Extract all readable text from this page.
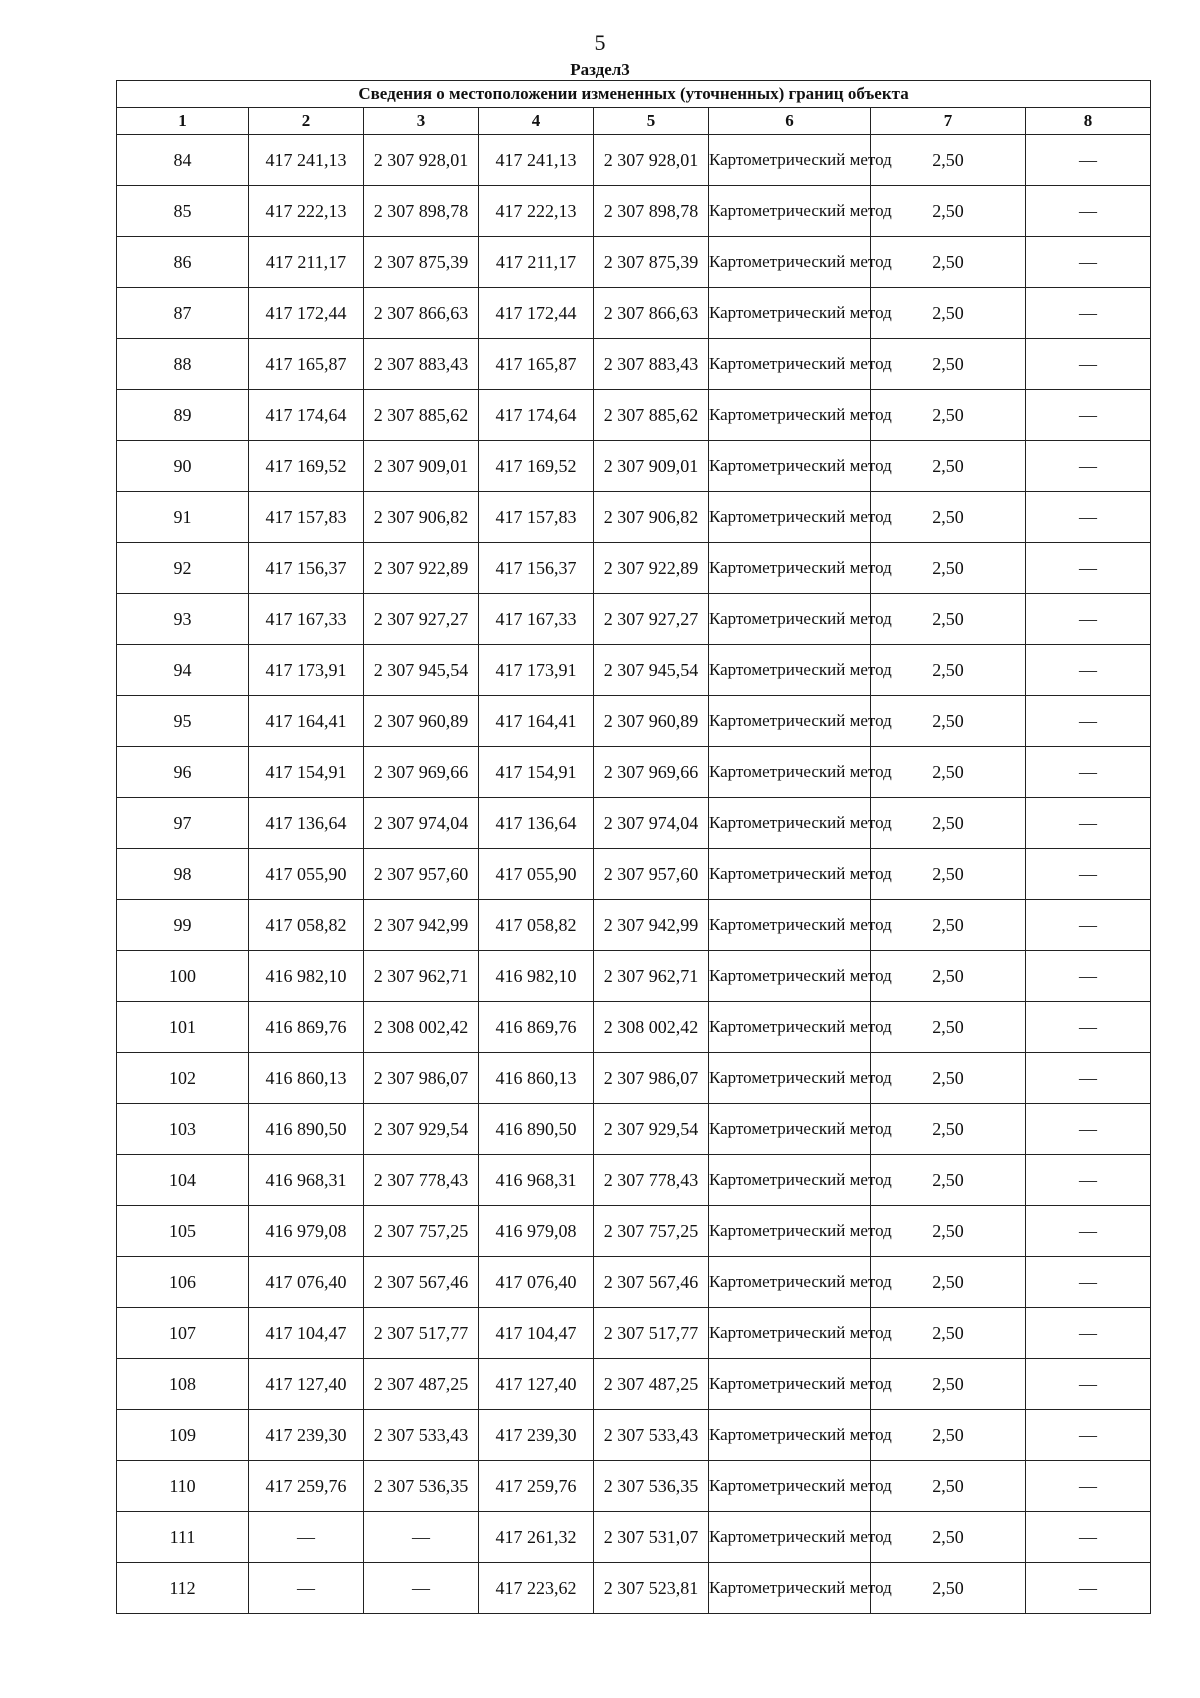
5
Раздел3
Сведения о местоположении измененных (уточненных) границ объекта							
1	2	3	4	5	6	7	8
84	417 241,13	2 307 928,01	417 241,13	2 307 928,01	Картометрический метод	2,50	—
85	417 222,13	2 307 898,78	417 222,13	2 307 898,78	Картометрический метод	2,50	—
86	417 211,17	2 307 875,39	417 211,17	2 307 875,39	Картометрический метод	2,50	—
87	417 172,44	2 307 866,63	417 172,44	2 307 866,63	Картометрический метод	2,50	—
88	417 165,87	2 307 883,43	417 165,87	2 307 883,43	Картометрический метод	2,50	—
89	417 174,64	2 307 885,62	417 174,64	2 307 885,62	Картометрический метод	2,50	—
90	417 169,52	2 307 909,01	417 169,52	2 307 909,01	Картометрический метод	2,50	—
91	417 157,83	2 307 906,82	417 157,83	2 307 906,82	Картометрический метод	2,50	—
92	417 156,37	2 307 922,89	417 156,37	2 307 922,89	Картометрический метод	2,50	—
93	417 167,33	2 307 927,27	417 167,33	2 307 927,27	Картометрический метод	2,50	—
94	417 173,91	2 307 945,54	417 173,91	2 307 945,54	Картометрический метод	2,50	—
95	417 164,41	2 307 960,89	417 164,41	2 307 960,89	Картометрический метод	2,50	—
96	417 154,91	2 307 969,66	417 154,91	2 307 969,66	Картометрический метод	2,50	—
97	417 136,64	2 307 974,04	417 136,64	2 307 974,04	Картометрический метод	2,50	—
98	417 055,90	2 307 957,60	417 055,90	2 307 957,60	Картометрический метод	2,50	—
99	417 058,82	2 307 942,99	417 058,82	2 307 942,99	Картометрический метод	2,50	—
100	416 982,10	2 307 962,71	416 982,10	2 307 962,71	Картометрический метод	2,50	—
101	416 869,76	2 308 002,42	416 869,76	2 308 002,42	Картометрический метод	2,50	—
102	416 860,13	2 307 986,07	416 860,13	2 307 986,07	Картометрический метод	2,50	—
103	416 890,50	2 307 929,54	416 890,50	2 307 929,54	Картометрический метод	2,50	—
104	416 968,31	2 307 778,43	416 968,31	2 307 778,43	Картометрический метод	2,50	—
105	416 979,08	2 307 757,25	416 979,08	2 307 757,25	Картометрический метод	2,50	—
106	417 076,40	2 307 567,46	417 076,40	2 307 567,46	Картометрический метод	2,50	—
107	417 104,47	2 307 517,77	417 104,47	2 307 517,77	Картометрический метод	2,50	—
108	417 127,40	2 307 487,25	417 127,40	2 307 487,25	Картометрический метод	2,50	—
109	417 239,30	2 307 533,43	417 239,30	2 307 533,43	Картометрический метод	2,50	—
110	417 259,76	2 307 536,35	417 259,76	2 307 536,35	Картометрический метод	2,50	—
111	—	—	417 261,32	2 307 531,07	Картометрический метод	2,50	—
112	—	—	417 223,62	2 307 523,81	Картометрический метод	2,50	—
